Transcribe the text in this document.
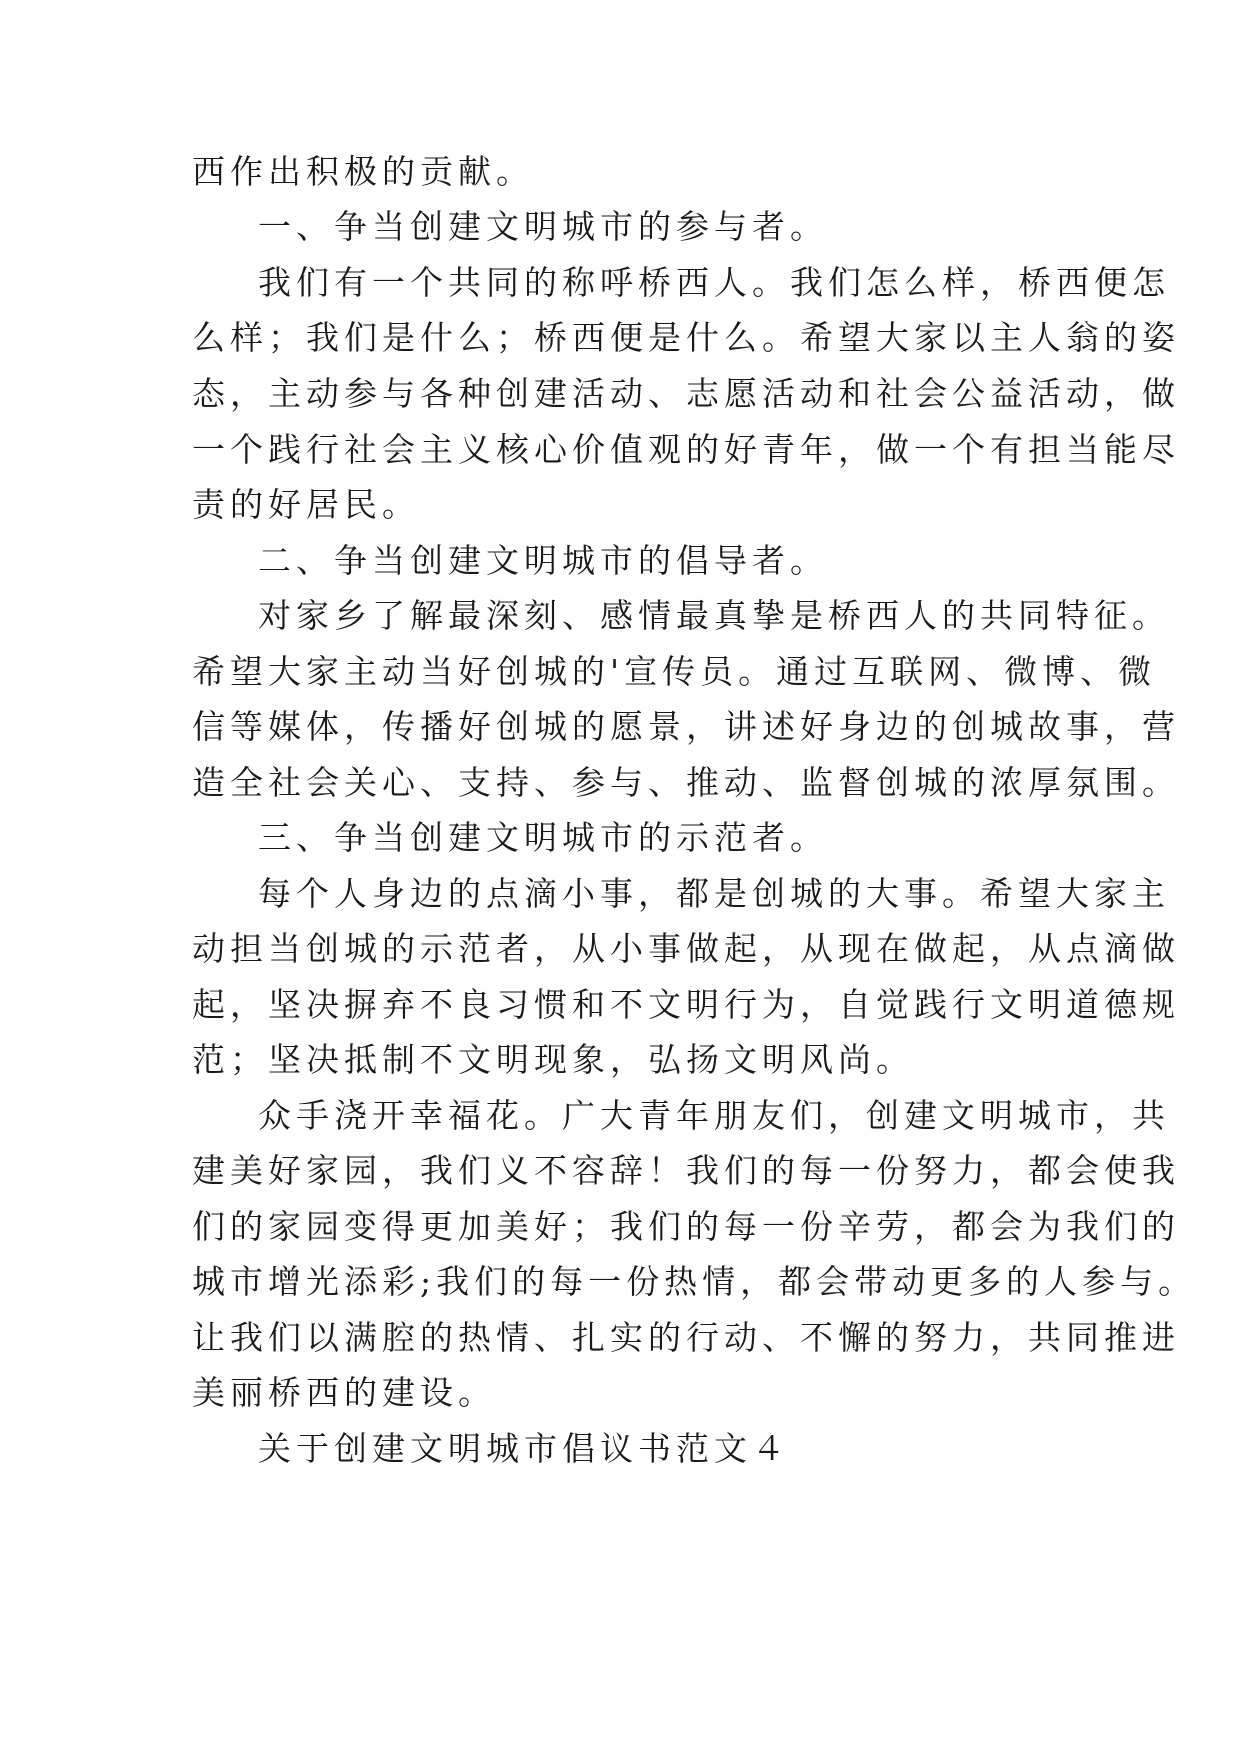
西作出积极的贡献。
一、争当创建文明城市的参与者。
我们有一个共同的称呼桥西人。我们怎么样，桥西便怎
么样；我们是什么；桥西便是什么。希望大家以主人翁的姿
态，主动参与各种创建活动、志愿活动和社会公益活动，做
一个践行社会主义核心价值观的好青年，做一个有担当能尽
责的好居民。
二、争当创建文明城市的倡导者。
对家乡了解最深刻、感情最真挚是桥西人的共同特征。
希望大家主动当好创城的'宣传员。通过互联网、微博、微
信等媒体，传播好创城的愿景，讲述好身边的创城故事，营
造全社会关心、支持、参与、推动、监督创城的浓厚氛围。
三、争当创建文明城市的示范者。
每个人身边的点滴小事，都是创城的大事。希望大家主
动担当创城的示范者，从小事做起，从现在做起，从点滴做
起，坚决摒弃不良习惯和不文明行为，自觉践行文明道德规
范；坚决抵制不文明现象，弘扬文明风尚。
众手浇开幸福花。广大青年朋友们，创建文明城市，共
建美好家园，我们义不容辞！我们的每一份努力，都会使我
们的家园变得更加美好；我们的每一份辛劳，都会为我们的
城市增光添彩;我们的每一份热情，都会带动更多的人参与。
让我们以满腔的热情、扎实的行动、不懈的努力，共同推进
美丽桥西的建设。
关于创建文明城市倡议书范文４
